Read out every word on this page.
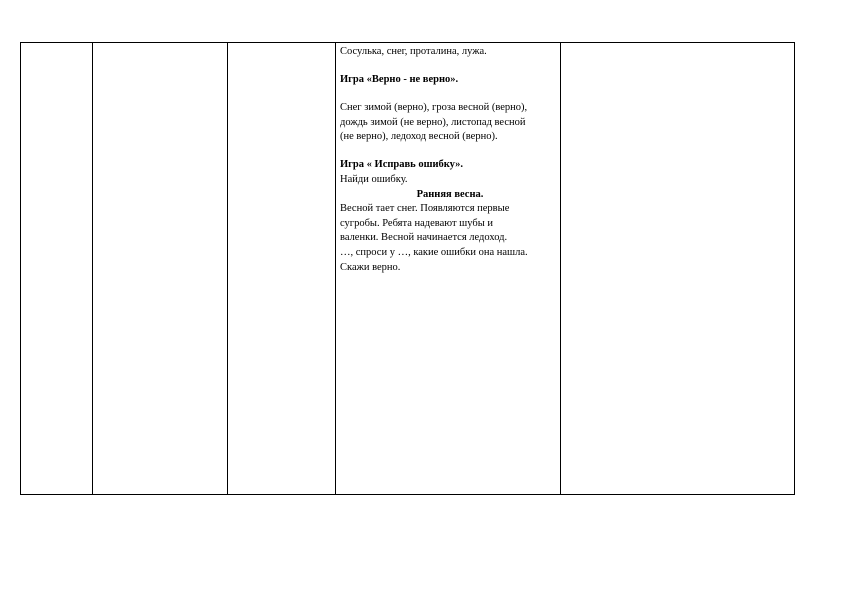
Сосулька, снег, проталина, лужа.

Игра «Верно - не верно».

Снег зимой (верно), гроза весной (верно),

дождь зимой (не верно), листопад весной

(не верно), ледоход весной (верно).

Игра « Исправь ошибку».

Найди ошибку.

Ранняя весна.

Весной тает снег. Появляются первые

сугробы. Ребята надевают шубы и

валенки. Весной начинается ледоход.

…, спроси у …, какие ошибки она нашла.

Скажи верно.
